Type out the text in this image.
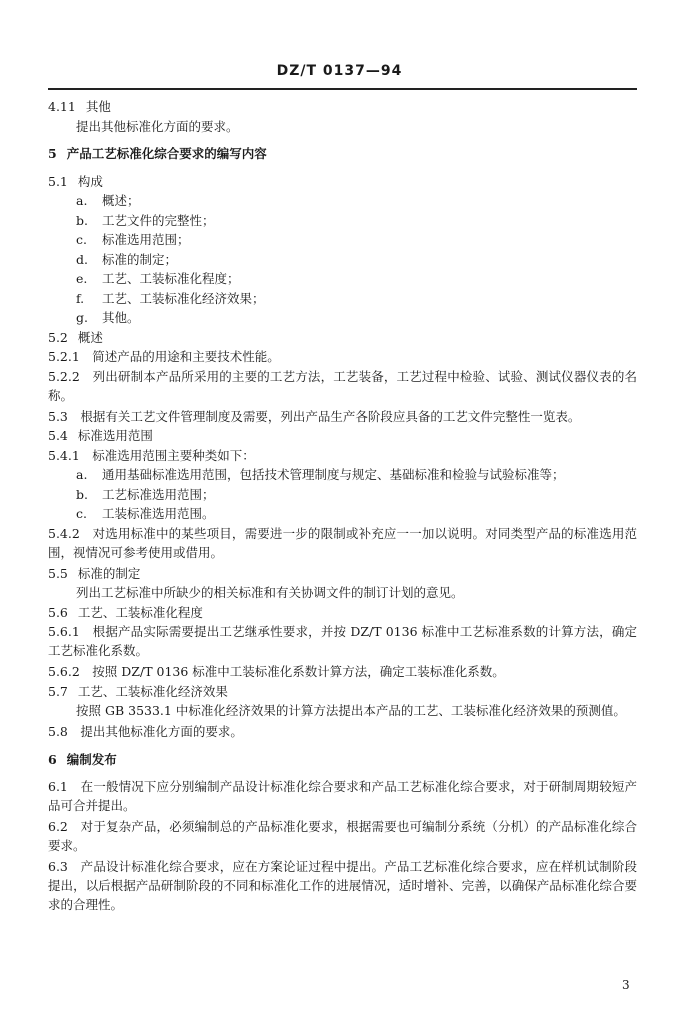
DZ/T 0137—94
4.11 其他
提出其他标准化方面的要求。
5 产品工艺标准化综合要求的编写内容
5.1 构成
a. 概述；
b. 工艺文件的完整性；
c. 标准选用范围；
d. 标准的制定；
e. 工艺、工装标准化程度；
f. 工艺、工装标准化经济效果；
g. 其他。
5.2 概述
5.2.1　简述产品的用途和主要技术性能。
5.2.2　列出研制本产品所采用的主要的工艺方法，工艺装备，工艺过程中检验、试验、测试仪器仪表的名称。
5.3　根据有关工艺文件管理制度及需要，列出产品生产各阶段应具备的工艺文件完整性一览表。
5.4 标准选用范围
5.4.1　标准选用范围主要种类如下：
a. 通用基础标准选用范围，包括技术管理制度与规定、基础标准和检验与试验标准等；
b. 工艺标准选用范围；
c. 工装标准选用范围。
5.4.2　对选用标准中的某些项目，需要进一步的限制或补充应一一加以说明。对同类型产品的标准选用范围，视情况可参考使用或借用。
5.5 标准的制定
列出工艺标准中所缺少的相关标准和有关协调文件的制订计划的意见。
5.6 工艺、工装标准化程度
5.6.1　根据产品实际需要提出工艺继承性要求，并按 DZ/T 0136 标准中工艺标准系数的计算方法，确定工艺标准化系数。
5.6.2　按照 DZ/T 0136 标准中工装标准化系数计算方法，确定工装标准化系数。
5.7 工艺、工装标准化经济效果
按照 GB 3533.1 中标准化经济效果的计算方法提出本产品的工艺、工装标准化经济效果的预测值。
5.8　提出其他标准化方面的要求。
6 编制发布
6.1　在一般情况下应分别编制产品设计标准化综合要求和产品工艺标准化综合要求，对于研制周期较短产品可合并提出。
6.2　对于复杂产品，必须编制总的产品标准化要求，根据需要也可编制分系统（分机）的产品标准化综合要求。
6.3　产品设计标准化综合要求，应在方案论证过程中提出。产品工艺标准化综合要求，应在样机试制阶段提出，以后根据产品研制阶段的不同和标准化工作的进展情况，适时增补、完善，以确保产品标准化综合要求的合理性。
3
